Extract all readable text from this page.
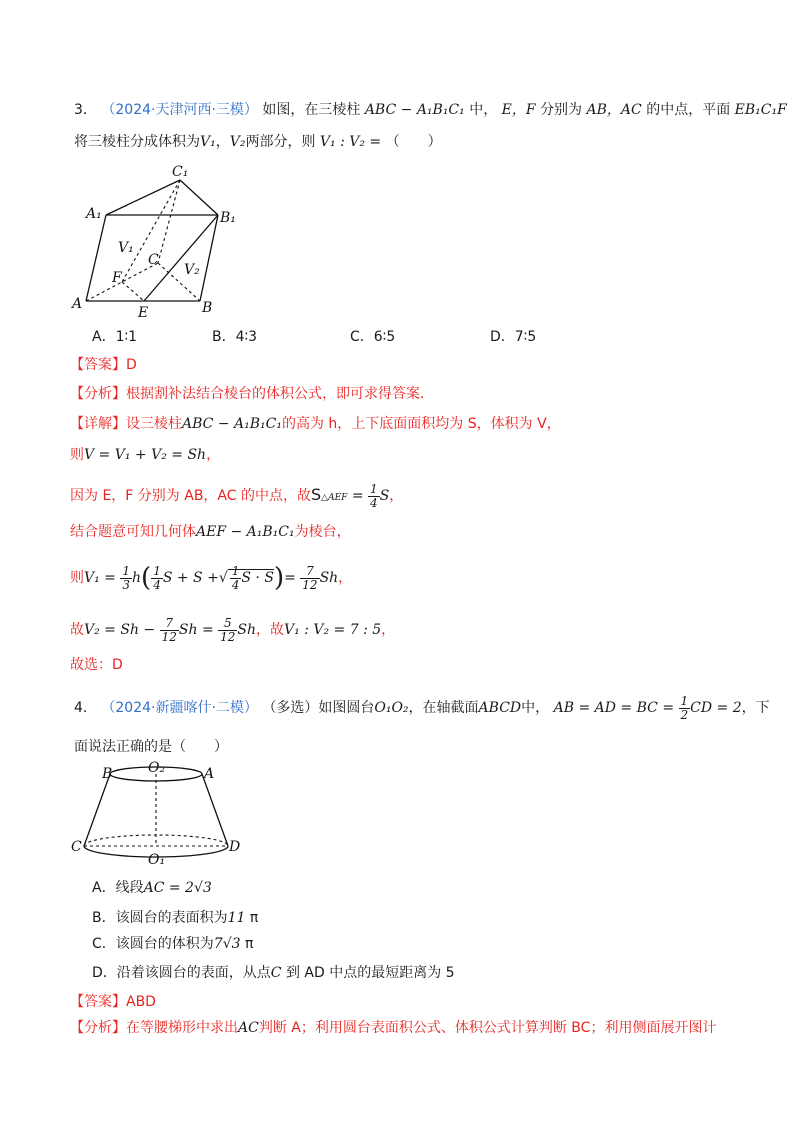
3． （2024·天津河西·三模） 如图，在三棱柱 ABC − A₁B₁C₁ 中， E，F 分别为 AB，AC 的中点，平面 EB₁C₁F
将三棱柱分成体积为V₁，V₂两部分，则 V₁ : V₂ = （　　）
C₁
A₁	B₁
V₁
C
V₂
F
A	B
E
A．1∶1	B．4∶3	C．6∶5	D．7∶5
【答案】D
【分析】根据割补法结合棱台的体积公式，即可求得答案.
【详解】设三棱柱ABC − A₁B₁C₁的高为 h，上下底面面积均为 S，体积为 V，
则V = V₁ + V₂ = Sh，
因为 E，F 分别为 AB，AC 的中点，故S△AEF = $\frac{1}{4}$ S，
结合题意可知几何体AEF − A₁B₁C₁为棱台，
则$V_1 = \frac{1}{3} h( \frac{1}{4}$ S + S +√ $\frac{1}{4}$ $S \cdot S)= \frac{7}{12}$ Sh，
故$V_2 = Sh - \frac{7}{12}$ $Sh = \frac{5}{12}$ Sh，故V₁ : V₂ = 7 : 5，
故选：D
4． （2024·新疆喀什·二模） （多选）如图圆台O₁O₂，在轴截面ABCD中， AB = AD = BC = $\frac{1}{2}$ CD = 2，下
面说法正确的是（　　）
B	O₂	A
C	D
O₁
A．线段AC = 2√3
B．该圆台的表面积为11 π
C．该圆台的体积为7√3 π
D．沿着该圆台的表面，从点C 到 AD 中点的最短距离为 5
【答案】ABD
【分析】在等腰梯形中求出AC判断 A；利用圆台表面积公式、体积公式计算判断 BC；利用侧面展开图计
